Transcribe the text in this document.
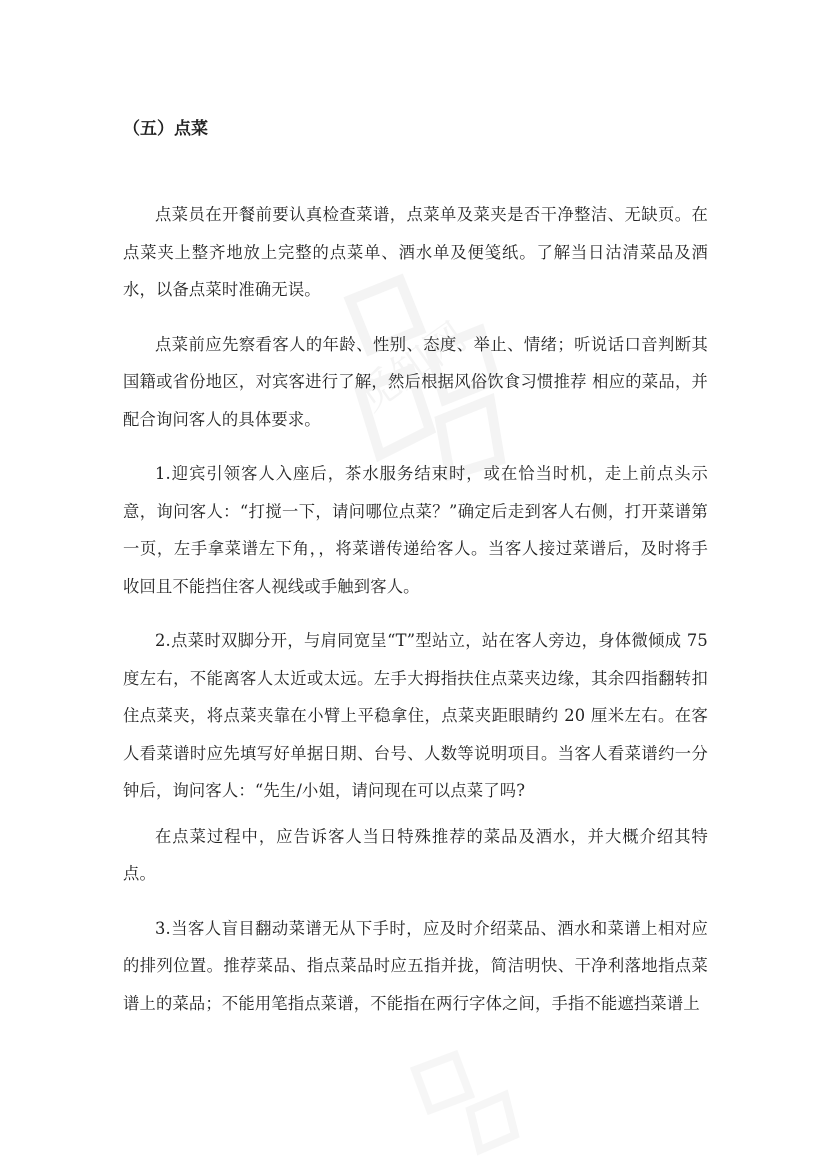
觅知网
（五）点菜

点菜员在开餐前要认真检查菜谱，点菜单及菜夹是否干净整洁、无缺页。在点菜夹上整齐地放上完整的点菜单、酒水单及便笺纸。了解当日沽清菜品及酒水，以备点菜时准确无误。

点菜前应先察看客人的年龄、性别、态度、举止、情绪；听说话口音判断其国籍或省份地区，对宾客进行了解，然后根据风俗饮食习惯推荐 相应的菜品，并配合询问客人的具体要求。

1.迎宾引领客人入座后，茶水服务结束时，或在恰当时机，走上前点头示意，询问客人：“打搅一下，请问哪位点菜？”确定后走到客人右侧，打开菜谱第一页，左手拿菜谱左下角，，将菜谱传递给客人。当客人接过菜谱后，及时将手收回且不能挡住客人视线或手触到客人。

2.点菜时双脚分开，与肩同宽呈“T”型站立，站在客人旁边，身体微倾成 75 度左右，不能离客人太近或太远。左手大拇指扶住点菜夹边缘，其余四指翻转扣住点菜夹，将点菜夹靠在小臂上平稳拿住，点菜夹距眼睛约 20 厘米左右。在客人看菜谱时应先填写好单据日期、台号、人数等说明项目。当客人看菜谱约一分钟后，询问客人：“先生/小姐，请问现在可以点菜了吗?

在点菜过程中，应告诉客人当日特殊推荐的菜品及酒水，并大概介绍其特点。

3.当客人盲目翻动菜谱无从下手时，应及时介绍菜品、酒水和菜谱上相对应的排列位置。推荐菜品、指点菜品时应五指并拢，简洁明快、干净利落地指点菜谱上的菜品；不能用笔指点菜谱，不能指在两行字体之间，手指不能遮挡菜谱上
